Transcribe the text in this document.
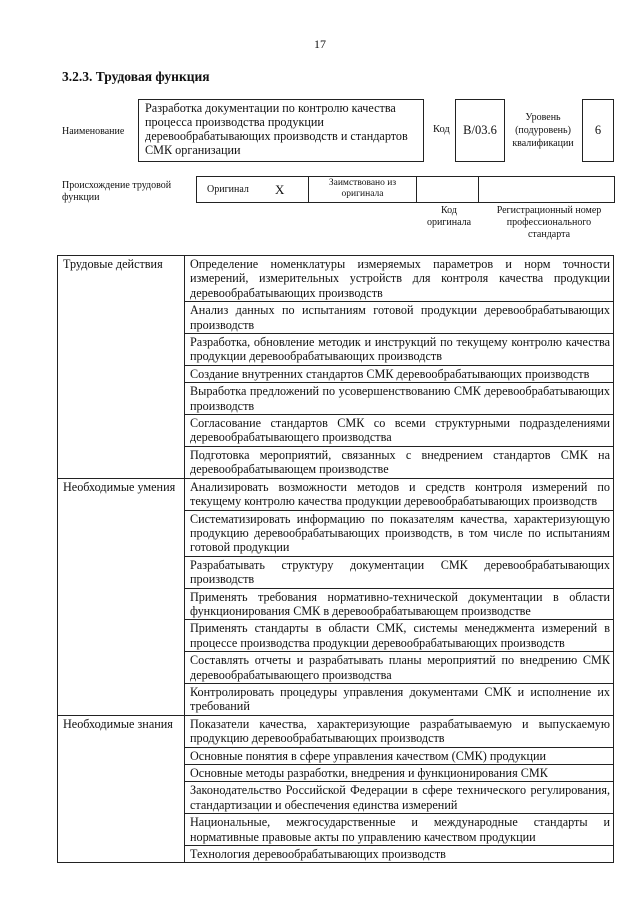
17
3.2.3. Трудовая функция
Наименование
Разработка документации по контролю качества процесса производства продукции деревообрабатывающих производств и стандартов СМК организации
Код B/03.6
Уровень (подуровень) квалификации
6
Происхождение трудовой функции
Оригинал X	Заимствовано из оригинала
Код оригинала
Регистрационный номер профессионального стандарта
Трудовые действия	Определение номенклатуры измеряемых параметров и норм точности измерений, измерительных устройств для контроля качества продукции деревообрабатывающих производств
	Анализ данных по испытаниям готовой продукции деревообрабатывающих производств
	Разработка, обновление методик и инструкций по текущему контролю качества продукции деревообрабатывающих производств
	Создание внутренних стандартов СМК деревообрабатывающих производств
	Выработка предложений по усовершенствованию СМК деревообрабатывающих производств
	Согласование стандартов СМК со всеми структурными подразделениями деревообрабатывающего производства
	Подготовка мероприятий, связанных с внедрением стандартов СМК на деревообрабатывающем производстве
Необходимые умения	Анализировать возможности методов и средств контроля измерений по текущему контролю качества продукции деревообрабатывающих производств
	Систематизировать информацию по показателям качества, характеризующую продукцию деревообрабатывающих производств, в том числе по испытаниям готовой продукции
	Разрабатывать структуру документации СМК деревообрабатывающих производств
	Применять требования нормативно-технической документации в области функционирования СМК в деревообрабатывающем производстве
	Применять стандарты в области СМК, системы менеджмента измерений в процессе производства продукции деревообрабатывающих производств
	Составлять отчеты и разрабатывать планы мероприятий по внедрению СМК деревообрабатывающего производства
	Контролировать процедуры управления документами СМК и исполнение их требований
Необходимые знания	Показатели качества, характеризующие разрабатываемую и выпускаемую продукцию деревообрабатывающих производств
	Основные понятия в сфере управления качеством (СМК) продукции
	Основные методы разработки, внедрения и функционирования СМК
	Законодательство Российской Федерации в сфере технического регулирования, стандартизации и обеспечения единства измерений
	Национальные, межгосударственные и международные стандарты и нормативные правовые акты по управлению качеством продукции
	Технология деревообрабатывающих производств
